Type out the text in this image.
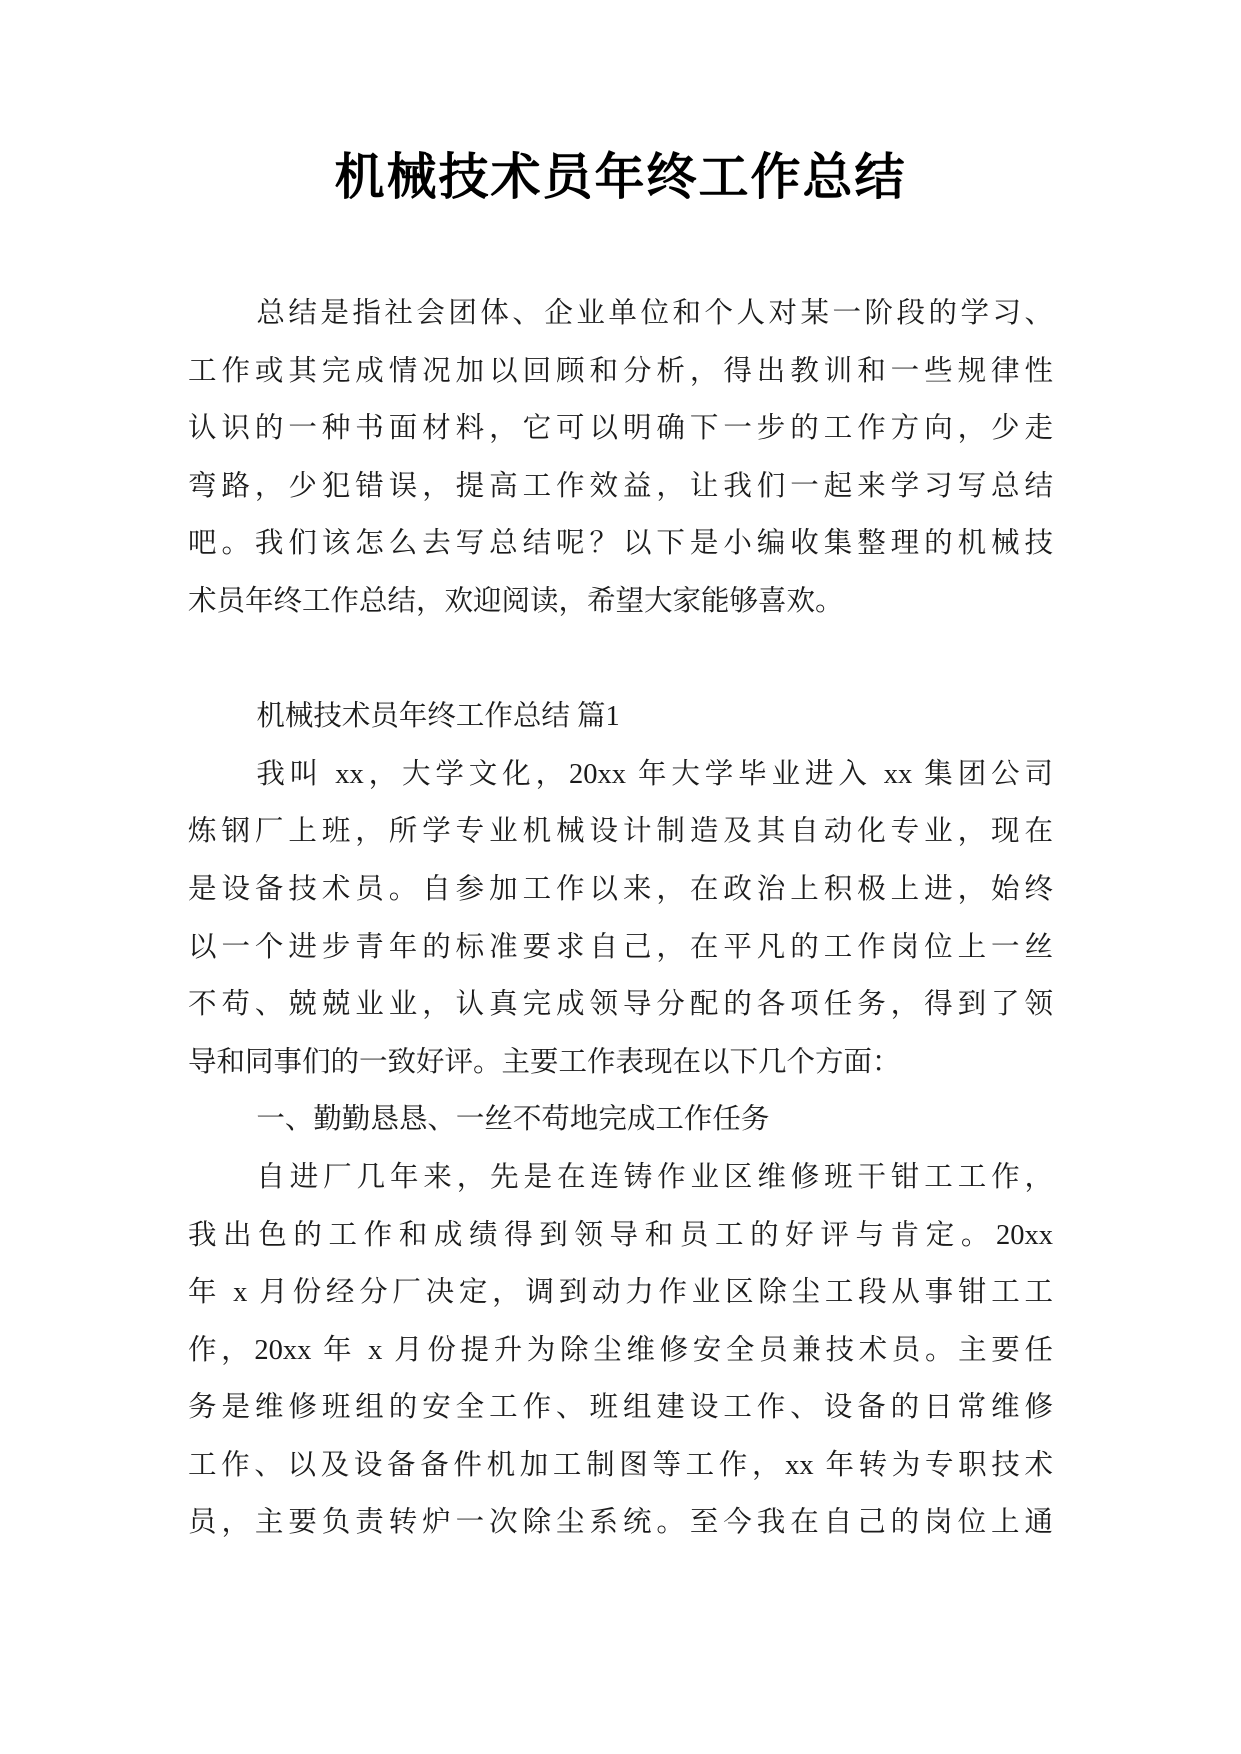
机械技术员年终工作总结
总结是指社会团体、企业单位和个人对某一阶段的学习、
工作或其完成情况加以回顾和分析，得出教训和一些规律性
认识的一种书面材料，它可以明确下一步的工作方向，少走
弯路，少犯错误，提高工作效益，让我们一起来学习写总结
吧。我们该怎么去写总结呢？以下是小编收集整理的机械技
术员年终工作总结，欢迎阅读，希望大家能够喜欢。
机械技术员年终工作总结 篇1
我叫 xx，大学文化，20xx 年大学毕业进入 xx 集团公司
炼钢厂上班，所学专业机械设计制造及其自动化专业，现在
是设备技术员。自参加工作以来，在政治上积极上进，始终
以一个进步青年的标准要求自己，在平凡的工作岗位上一丝
不苟、兢兢业业，认真完成领导分配的各项任务，得到了领
导和同事们的一致好评。主要工作表现在以下几个方面：
一、勤勤恳恳、一丝不苟地完成工作任务
自进厂几年来，先是在连铸作业区维修班干钳工工作，
我出色的工作和成绩得到领导和员工的好评与肯定。20xx
年 x 月份经分厂决定，调到动力作业区除尘工段从事钳工工
作，20xx 年 x 月份提升为除尘维修安全员兼技术员。主要任
务是维修班组的安全工作、班组建设工作、设备的日常维修
工作、以及设备备件机加工制图等工作，xx 年转为专职技术
员，主要负责转炉一次除尘系统。至今我在自己的岗位上通
